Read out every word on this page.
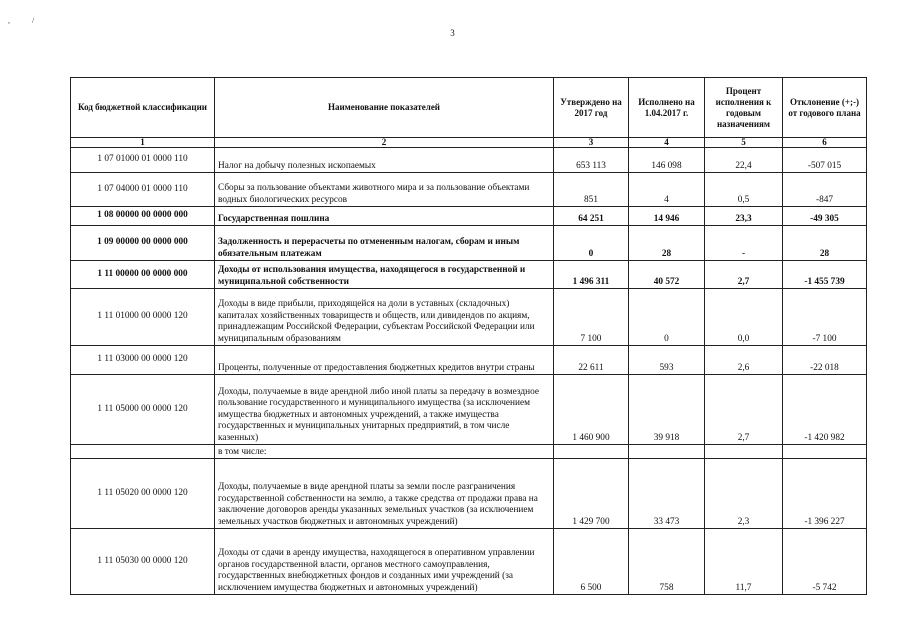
,	/
3
Код бюджетной классификации	Наименование показателей	Утверждено на 2017 год	Исполнено на 1.04.2017 г.	Процент исполнения к годовым назначениям	Отклонение (+;-) от годового плана
1	2	3	4	5	6
1 07 01000 01 0000 110	Налог на добычу полезных ископаемых	653 113	146 098	22,4	-507 015
1 07 04000 01 0000 110	Сборы за пользование объектами животного мира и за пользование объектами водных биологических ресурсов	851	4	0,5	-847
1 08 00000 00 0000 000	Государственная пошлина	64 251	14 946	23,3	-49 305
1 09 00000 00 0000 000	Задолженность и перерасчеты по отмененным налогам, сборам и иным обязательным платежам	0	28	-	28
1 11 00000 00 0000 000	Доходы от использования имущества, находящегося в государственной и муниципальной собственности	1 496 311	40 572	2,7	-1 455 739
1 11 01000 00 0000 120	Доходы в виде прибыли, приходящейся на доли в уставных (складочных) капиталах хозяйственных товариществ и обществ, или дивидендов по акциям, принадлежащим Российской Федерации, субъектам Российской Федерации или муниципальным образованиям	7 100	0	0,0	-7 100
1 11 03000 00 0000 120	Проценты, полученные от предоставления бюджетных кредитов внутри страны	22 611	593	2,6	-22 018
1 11 05000 00 0000 120	Доходы, получаемые в виде арендной либо иной платы за передачу в возмездное пользование государственного и муниципального имущества (за исключением имущества бюджетных и автономных учреждений, а также имущества государственных и муниципальных унитарных предприятий, в том числе казенных)	1 460 900	39 918	2,7	-1 420 982
	в том числе:				
1 11 05020 00 0000 120	Доходы, получаемые в виде арендной платы за земли после разграничения государственной собственности на землю, а также средства от продажи права на заключение договоров аренды указанных земельных участков (за исключением земельных участков бюджетных и автономных учреждений)	1 429 700	33 473	2,3	-1 396 227
1 11 05030 00 0000 120	Доходы от сдачи в аренду имущества, находящегося в оперативном управлении органов государственной власти, органов местного самоуправления, государственных внебюджетных фондов и созданных ими учреждений (за исключением имущества бюджетных и автономных учреждений)	6 500	758	11,7	-5 742
